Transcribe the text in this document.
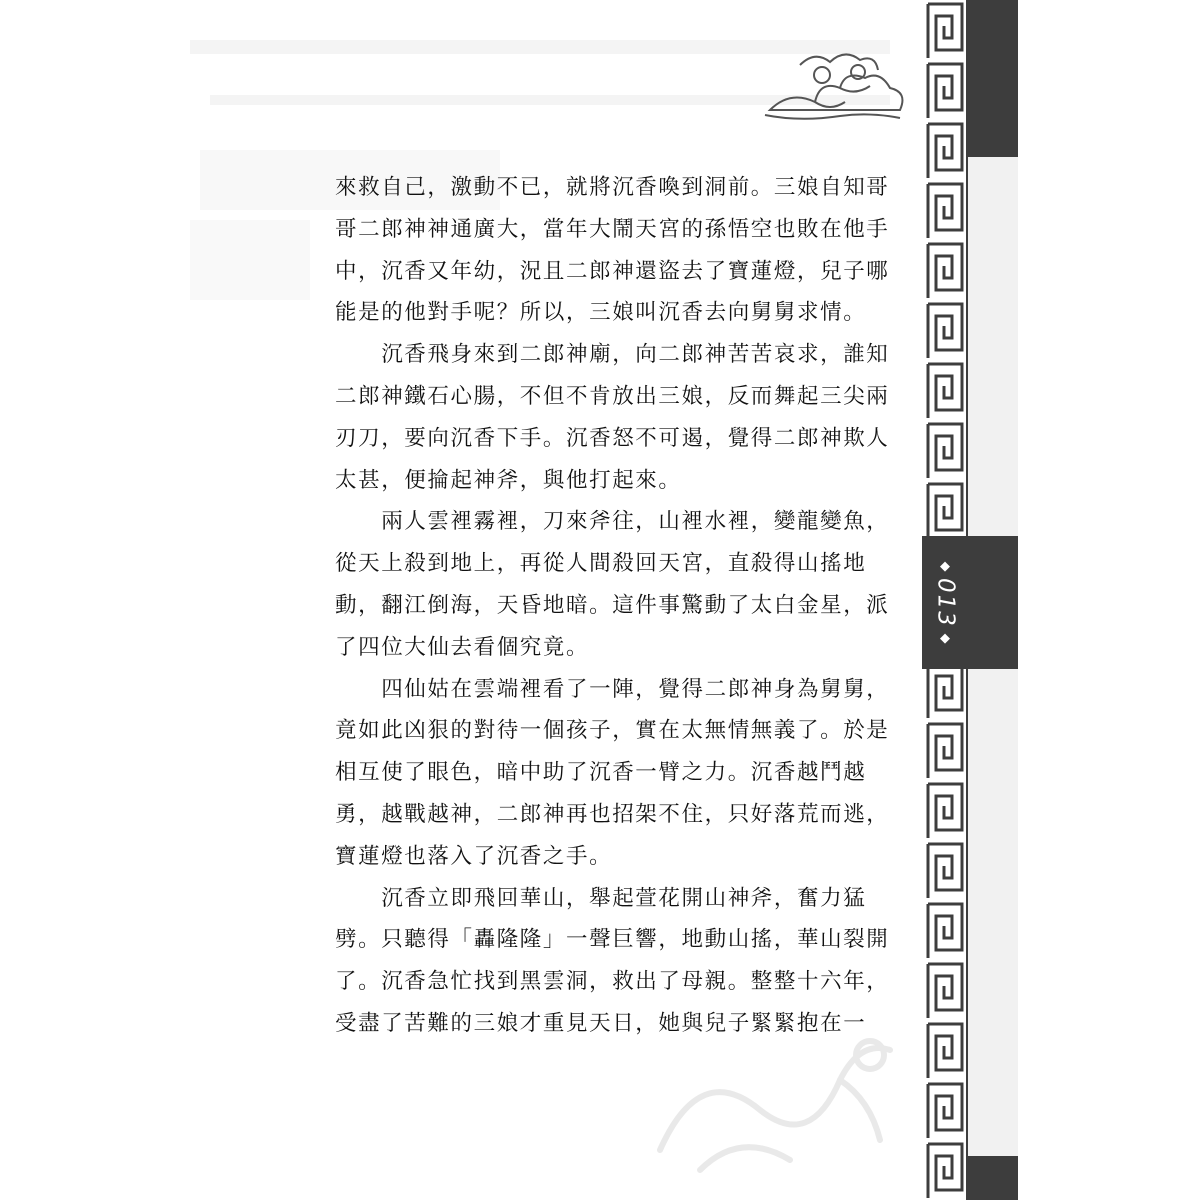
來救自己，激動不已，就將沉香喚到洞前。三娘自知哥
哥二郎神神通廣大，當年大鬧天宮的孫悟空也敗在他手
中，沉香又年幼，況且二郎神還盜去了寶蓮燈，兒子哪
能是的他對手呢？所以，三娘叫沉香去向舅舅求情。
　　沉香飛身來到二郎神廟，向二郎神苦苦哀求，誰知
二郎神鐵石心腸，不但不肯放出三娘，反而舞起三尖兩
刃刀，要向沉香下手。沉香怒不可遏，覺得二郎神欺人
太甚，便掄起神斧，與他打起來。
　　兩人雲裡霧裡，刀來斧往，山裡水裡，變龍變魚，
從天上殺到地上，再從人間殺回天宮，直殺得山搖地
動，翻江倒海，天昏地暗。這件事驚動了太白金星，派
了四位大仙去看個究竟。
　　四仙姑在雲端裡看了一陣，覺得二郎神身為舅舅，
竟如此凶狠的對待一個孩子，實在太無情無義了。於是
相互使了眼色，暗中助了沉香一臂之力。沉香越鬥越
勇，越戰越神，二郎神再也招架不住，只好落荒而逃，
寶蓮燈也落入了沉香之手。
　　沉香立即飛回華山，舉起萱花開山神斧，奮力猛
劈。只聽得「轟隆隆」一聲巨響，地動山搖，華山裂開
了。沉香急忙找到黑雲洞，救出了母親。整整十六年，
受盡了苦難的三娘才重見天日，她與兒子緊緊抱在一
◆
013
◆
